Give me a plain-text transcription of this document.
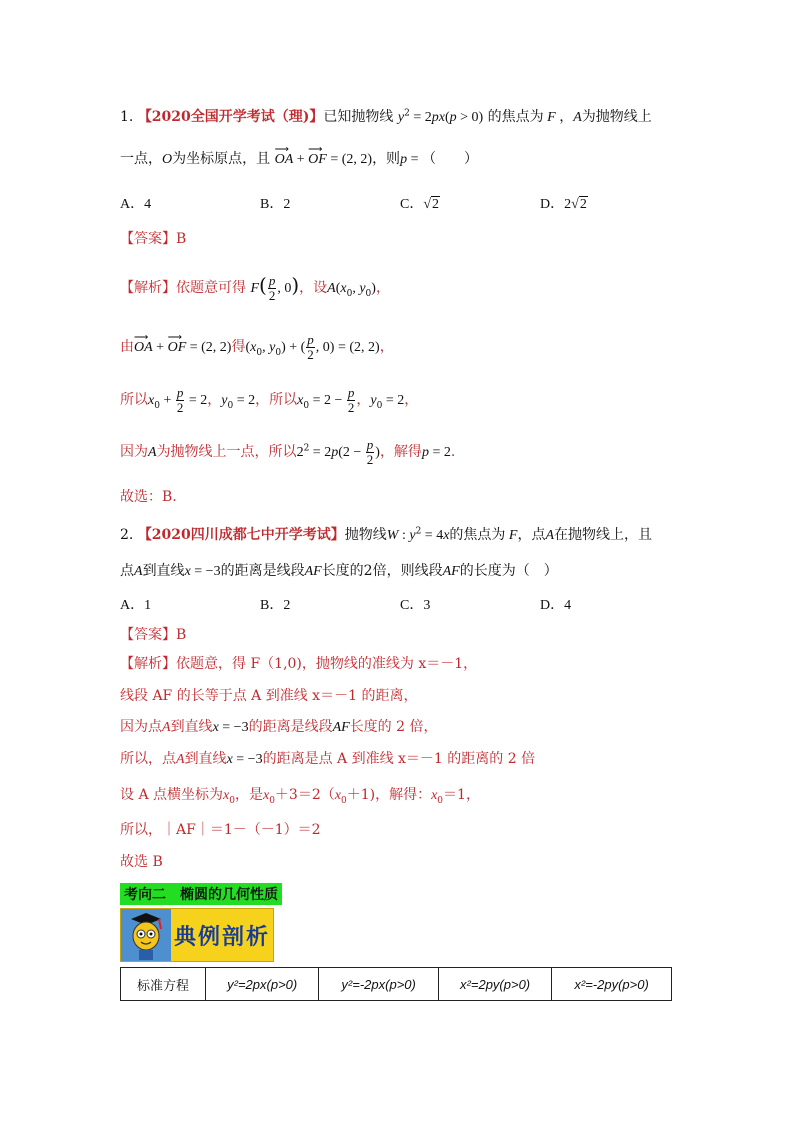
1. 【2020全国开学考试（理)】已知抛物线 $y^2 = 2px(p > 0)$ 的焦点为 F ，A为抛物线上
一点，O为坐标原点，且 ⟶ OA + ⟶ OF = (2, 2)，则p = （　　）
A．4	B．2	C．√2	D．2√2
【答案】B
【解析】依题意可得 $F( \frac{p}{2}$ , 0)，设$A(x_0$, $y_0$)，
由⟶ OA + ⟶ OF = (2, 2)得($x_0$, $y_0$) + ( $\frac{p}{2}$ , 0) = (2, 2)，
所以$x_0 + \frac{p}{2} = 2$，$y_0 = 2$，所以$x_0 = 2 - \frac{p}{2}$ ，$y_0 = 2$，
因为A为抛物线上一点，所以$2^2 = 2p(2 - \frac{p}{2}$ )，解得p = 2.
故选：B.
2. 【2020四川成都七中开学考试】抛物线W : $y^2 = 4x$的焦点为 F，点A在抛物线上，且
点A到直线x = −3的距离是线段AF长度的2倍，则线段AF的长度为（　）
A．1	B．2	C．3	D．4
【答案】B
【解析】依题意，得 F（1,0)，抛物线的准线为 x＝－1，
线段 AF 的长等于点 A 到准线 x＝－1 的距离，
因为点A到直线x = −3的距离是线段AF长度的 2 倍，
所以，点A到直线x = −3的距离是点 A 到准线 x＝－1 的距离的 2 倍
设 A 点横坐标为$x_0$，是$x_0+3=2(x_0+1)$，解得：$x_0=1$，
所以，｜AF｜＝1－（－1）＝2
故选 B
考向二　椭圆的几何性质
典例剖析
标准方程	y²=2px(p>0)	y²=-2px(p>0)	x²=2py(p>0)	x²=-2py(p>0)
